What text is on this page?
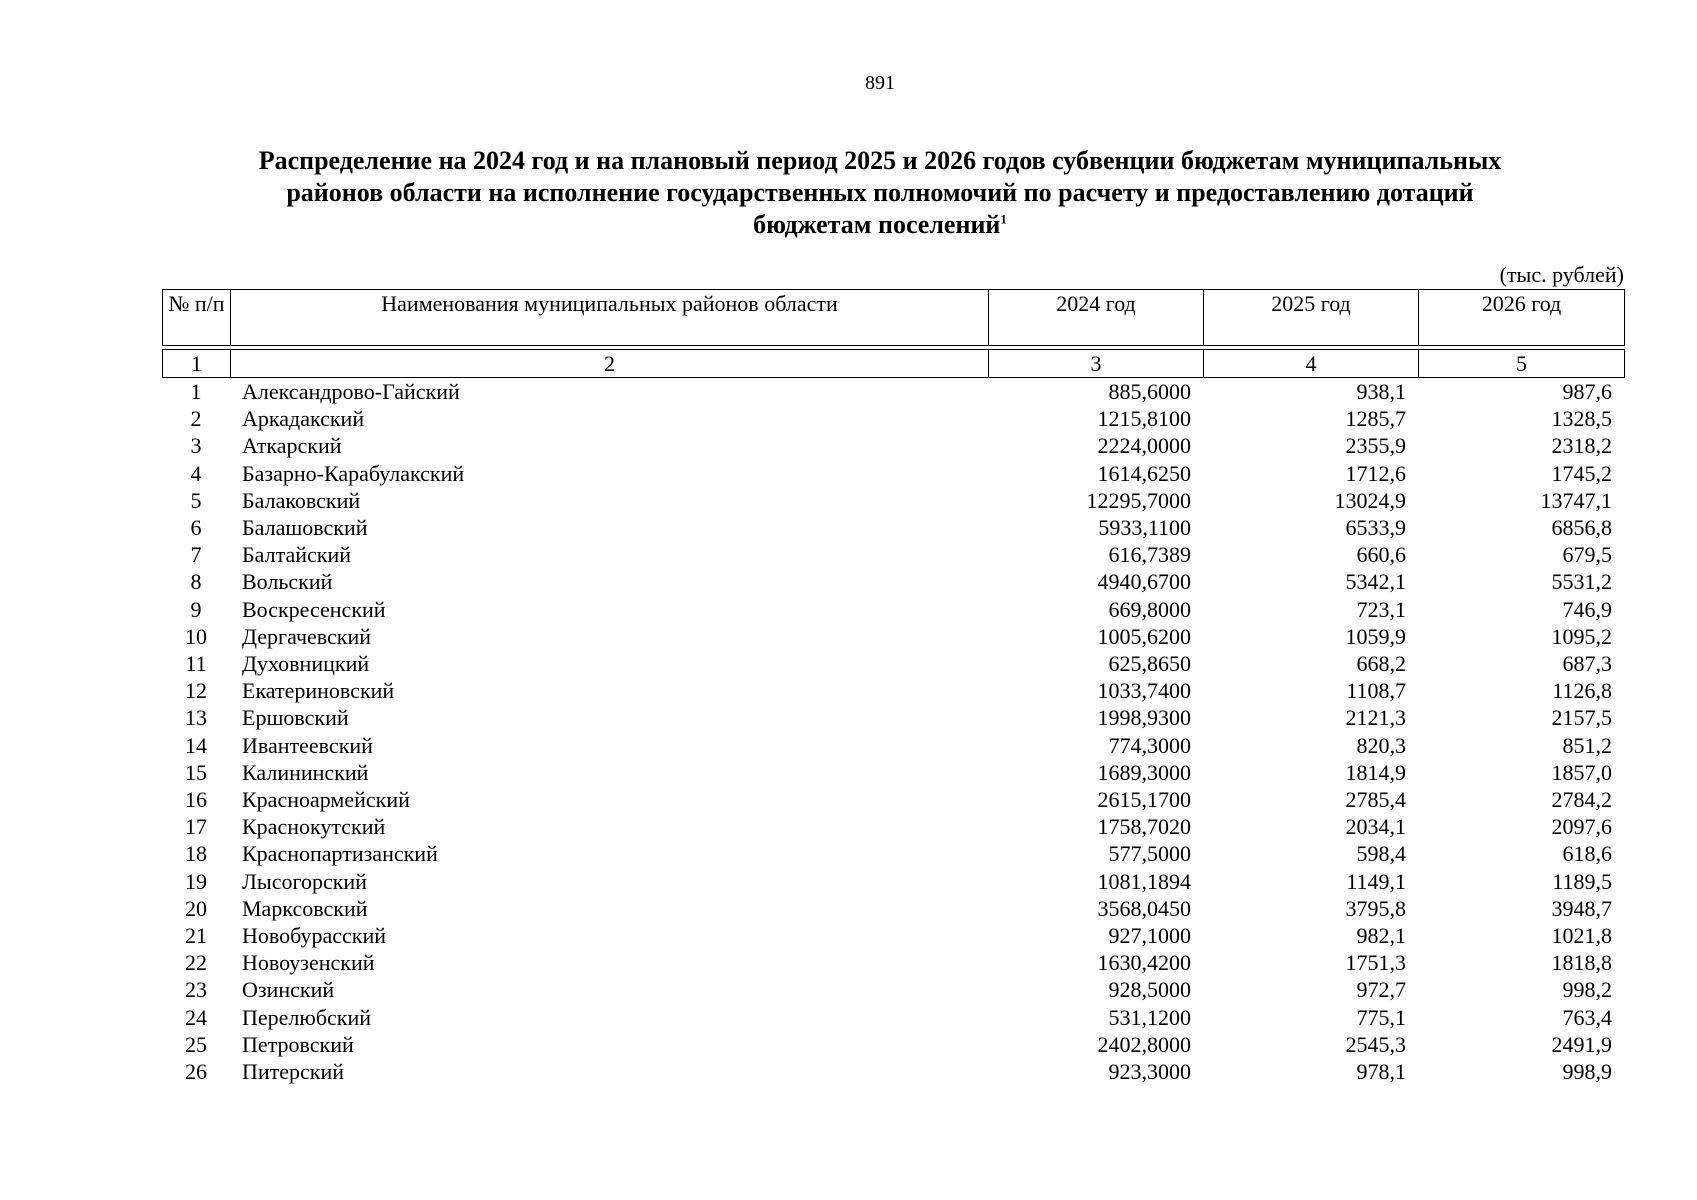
891
Распределение на 2024 год и на плановый период 2025 и 2026 годов субвенции бюджетам муниципальных
районов области на исполнение государственных полномочий по расчету и предоставлению дотаций
бюджетам поселений$^1$
(тыс. рублей)
№ п/п	Наименования муниципальных районов области	2024 год	2025 год	2026 год

1	2	3	4	5
1	Александрово-Гайский	885,6000	938,1	987,6
2	Аркадакский	1215,8100	1285,7	1328,5
3	Аткарский	2224,0000	2355,9	2318,2
4	Базарно-Карабулакский	1614,6250	1712,6	1745,2
5	Балаковский	12295,7000	13024,9	13747,1
6	Балашовский	5933,1100	6533,9	6856,8
7	Балтайский	616,7389	660,6	679,5
8	Вольский	4940,6700	5342,1	5531,2
9	Воскресенский	669,8000	723,1	746,9
10	Дергачевский	1005,6200	1059,9	1095,2
11	Духовницкий	625,8650	668,2	687,3
12	Екатериновский	1033,7400	1108,7	1126,8
13	Ершовский	1998,9300	2121,3	2157,5
14	Ивантеевский	774,3000	820,3	851,2
15	Калининский	1689,3000	1814,9	1857,0
16	Красноармейский	2615,1700	2785,4	2784,2
17	Краснокутский	1758,7020	2034,1	2097,6
18	Краснопартизанский	577,5000	598,4	618,6
19	Лысогорский	1081,1894	1149,1	1189,5
20	Марксовский	3568,0450	3795,8	3948,7
21	Новобурасский	927,1000	982,1	1021,8
22	Новоузенский	1630,4200	1751,3	1818,8
23	Озинский	928,5000	972,7	998,2
24	Перелюбский	531,1200	775,1	763,4
25	Петровский	2402,8000	2545,3	2491,9
26	Питерский	923,3000	978,1	998,9
